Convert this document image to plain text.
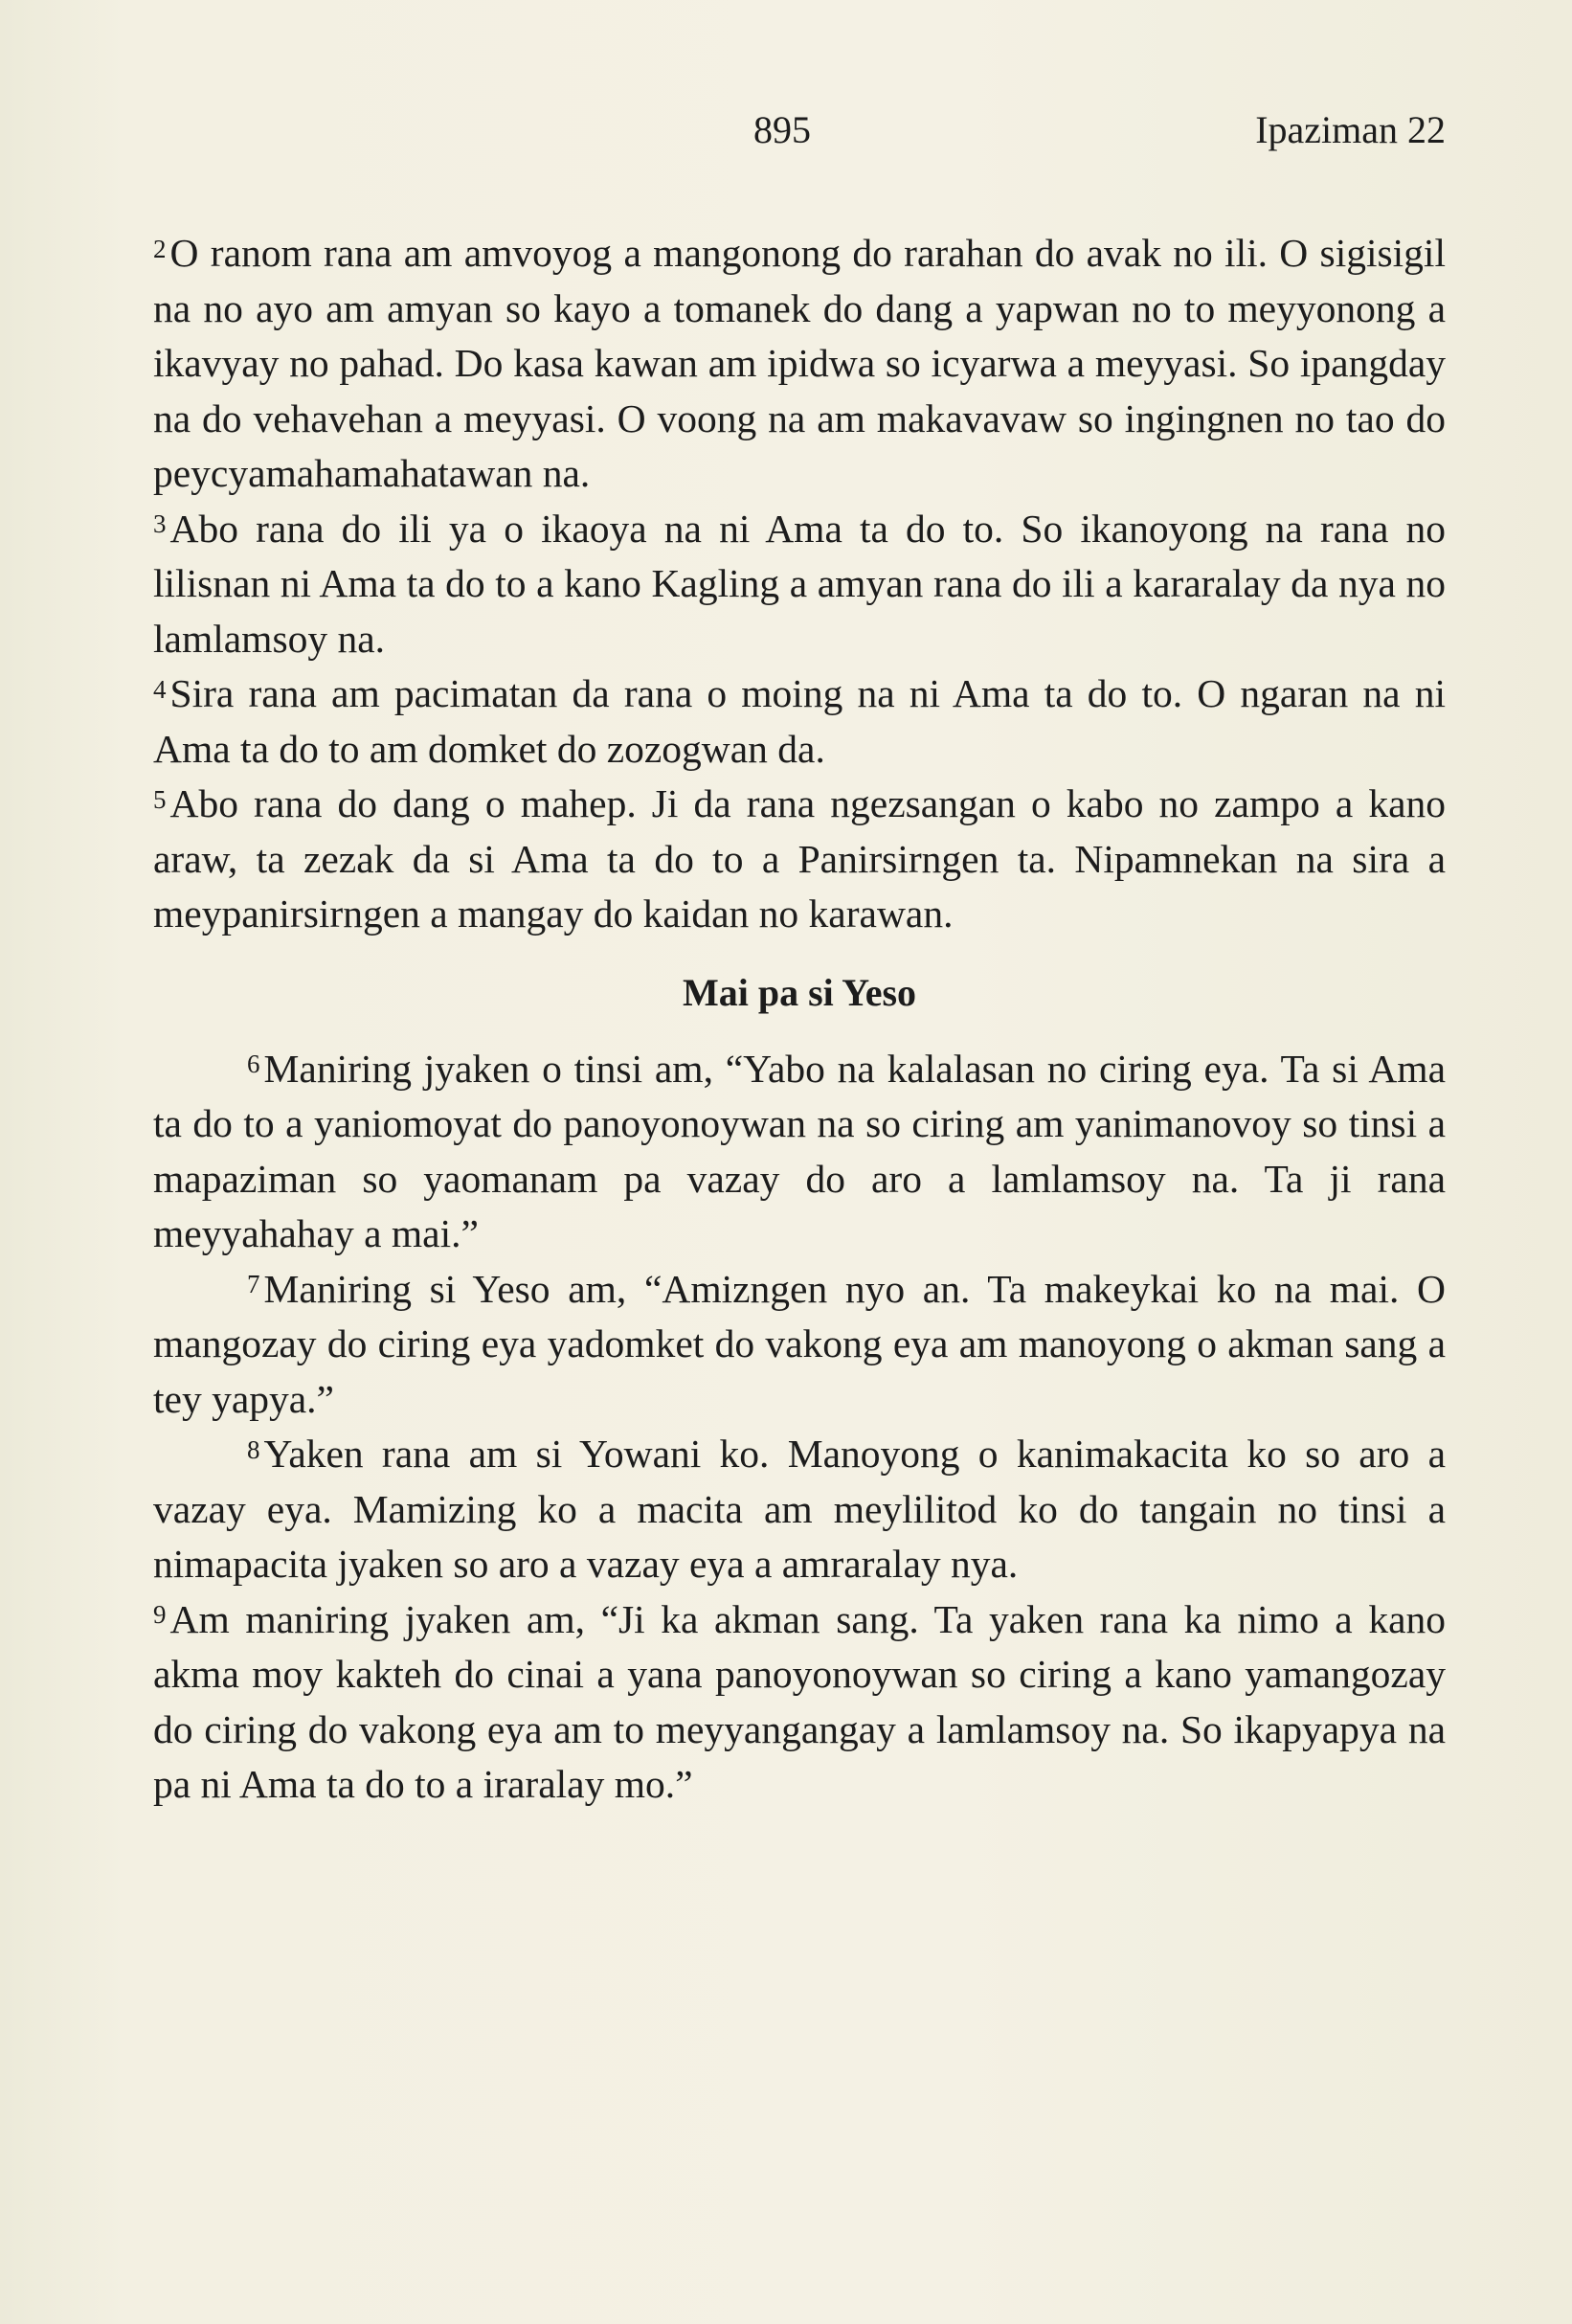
895	Ipaziman 22

$^2$O ranom rana am amvoyog a mangonong do rarahan do avak no ili. O sigisigil na no ayo am amyan so kayo a tomanek do dang a yapwan no to meyyonong a ikavyay no pahad. Do kasa kawan am ipidwa so icyarwa a meyyasi. So ipangday na do vehavehan a meyyasi. O voong na am makavavaw so ingingnen no tao do peycyamahamahatawan na.

$^3$Abo rana do ili ya o ikaoya na ni Ama ta do to. So ikanoyong na rana no lilisnan ni Ama ta do to a kano Kagling a amyan rana do ili a kararalay da nya no lamlamsoy na.

$^4$Sira rana am pacimatan da rana o moing na ni Ama ta do to. O ngaran na ni Ama ta do to am domket do zozogwan da.

$^5$Abo rana do dang o mahep. Ji da rana ngezsangan o kabo no zampo a kano araw, ta zezak da si Ama ta do to a Panirsirngen ta. Nipamnekan na sira a meypanirsirngen a mangay do kaidan no karawan.

Mai pa si Yeso

$^6$Maniring jyaken o tinsi am, “Yabo na kalalasan no ciring eya. Ta si Ama ta do to a yaniomoyat do panoyonoywan na so ciring am yanimanovoy so tinsi a mapaziman so yaomanam pa vazay do aro a lamlamsoy na. Ta ji rana meyyahahay a mai.”

$^7$Maniring si Yeso am, “Amizngen nyo an. Ta makeykai ko na mai. O mangozay do ciring eya yadomket do vakong eya am manoyong o akman sang a tey yapya.”

$^8$Yaken rana am si Yowani ko. Manoyong o kanimakacita ko so aro a vazay eya. Mamizing ko a macita am meylilitod ko do tangain no tinsi a nimapacita jyaken so aro a vazay eya a amraralay nya.

$^9$Am maniring jyaken am, “Ji ka akman sang. Ta yaken rana ka nimo a kano akma moy kakteh do cinai a yana panoyonoywan so ciring a kano yamangozay do ciring do vakong eya am to meyyangangay a lamlamsoy na. So ikapyapya na pa ni Ama ta do to a iraralay mo.”
